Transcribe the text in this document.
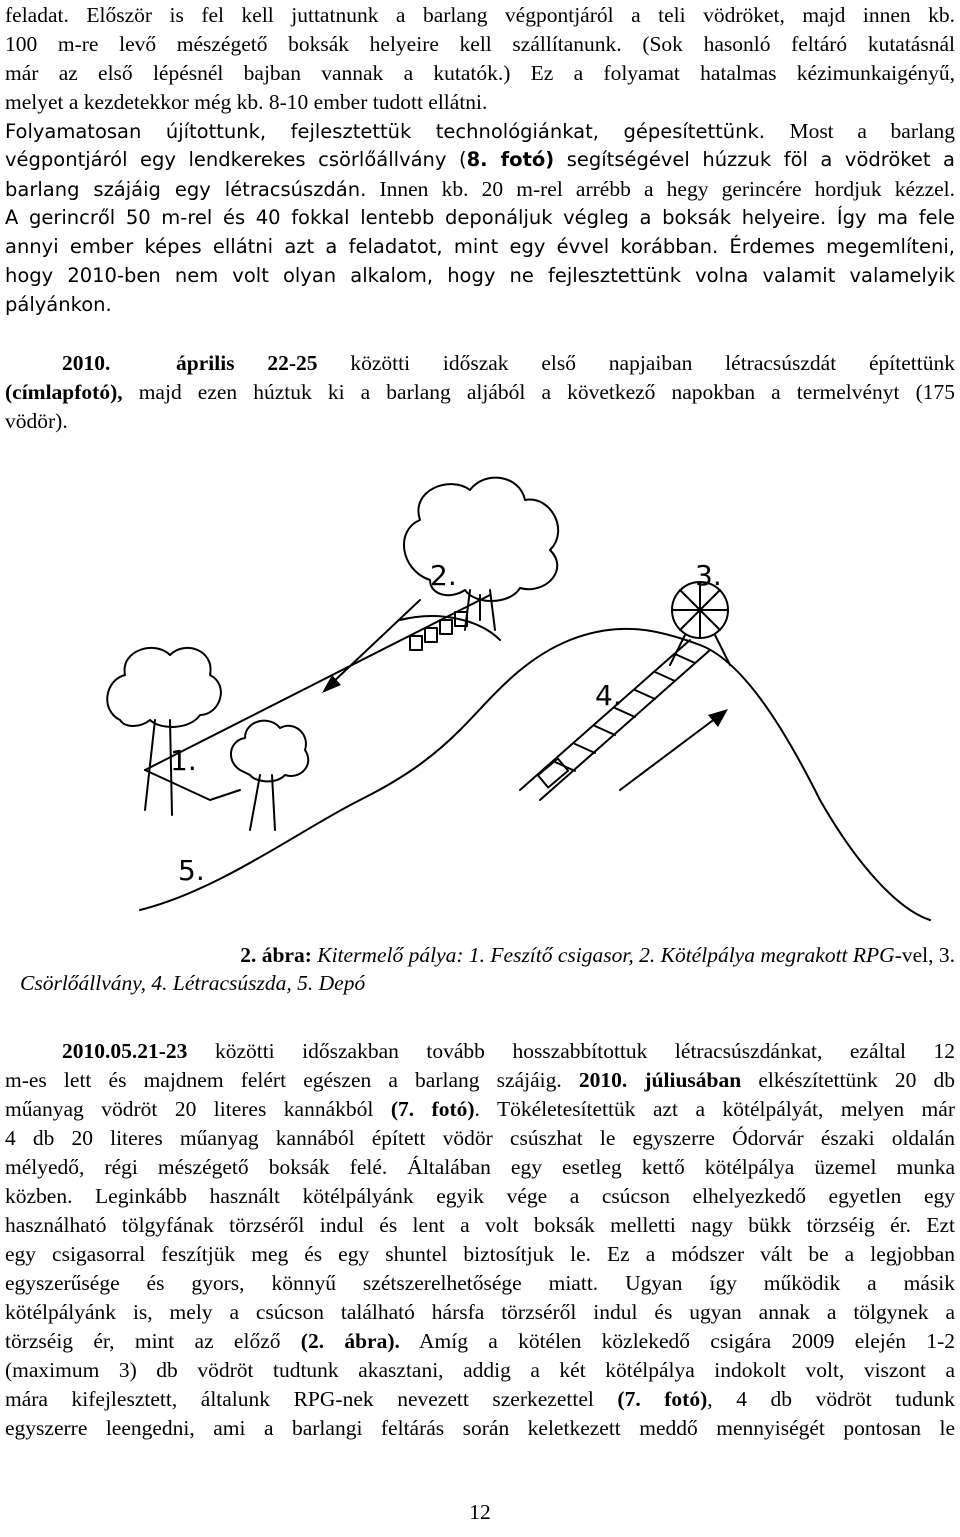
feladat. Először is fel kell juttatnunk a barlang végpontjáról a teli vödröket, majd innen kb.
100 m-re levő mészégető boksák helyeire kell szállítanunk. (Sok hasonló feltáró kutatásnál
már az első lépésnél bajban vannak a kutatók.) Ez a folyamat hatalmas kézimunkaigényű,
melyet a kezdetekkor még kb. 8-10 ember tudott ellátni.
Folyamatosan újítottunk, fejlesztettük technológiánkat, gépesítettünk. Most a barlang
végpontjáról egy lendkerekes csörlőállvány (8. fotó) segítségével húzzuk föl a vödröket a
barlang szájáig egy létracsúszdán. Innen kb. 20 m-rel arrébb a hegy gerincére hordjuk kézzel.
A gerincről 50 m-rel és 40 fokkal lentebb deponáljuk végleg a boksák helyeire. Így ma fele
annyi ember képes ellátni azt a feladatot, mint egy évvel korábban. Érdemes megemlíteni,
hogy 2010-ben nem volt olyan alkalom, hogy ne fejlesztettünk volna valamit valamelyik
pályánkon.
2010.	április 22-25 közötti időszak első napjaiban létracsúszdát építettünk
(címlapfotó), majd ezen húztuk ki a barlang aljából a következő napokban a termelvényt (175
vödör).
1.
2.	3.
4.
5.
2. ábra: Kitermelő pálya: 1. Feszítő csigasor, 2. Kötélpálya megrakott RPG-vel, 3.
Csörlőállvány, 4. Létracsúszda, 5. Depó
2010.05.21-23 közötti időszakban tovább hosszabbítottuk létracsúszdánkat, ezáltal 12
m-es lett és majdnem felért egészen a barlang szájáig. 2010. júliusában elkészítettünk 20 db
műanyag vödröt 20 literes kannákból (7. fotó). Tökéletesítettük azt a kötélpályát, melyen már
4 db 20 literes műanyag kannából épített vödör csúszhat le egyszerre Ódorvár északi oldalán
mélyedő, régi mészégető boksák felé. Általában egy esetleg kettő kötélpálya üzemel munka
közben. Leginkább használt kötélpályánk egyik vége a csúcson elhelyezkedő egyetlen egy
használható tölgyfának törzséről indul és lent a volt boksák melletti nagy bükk törzséig ér. Ezt
egy csigasorral feszítjük meg és egy shuntel biztosítjuk le. Ez a módszer vált be a legjobban
egyszerűsége és gyors, könnyű szétszerelhetősége miatt. Ugyan így működik a másik
kötélpályánk is, mely a csúcson található hársfa törzséről indul és ugyan annak a tölgynek a
törzséig ér, mint az előző (2. ábra). Amíg a kötélen közlekedő csigára 2009 elején 1-2
(maximum 3) db vödröt tudtunk akasztani, addig a két kötélpálya indokolt volt, viszont a
mára kifejlesztett, általunk RPG-nek nevezett szerkezettel (7. fotó), 4 db vödröt tudunk
egyszerre leengedni, ami a barlangi feltárás során keletkezett meddő mennyiségét pontosan le
12
